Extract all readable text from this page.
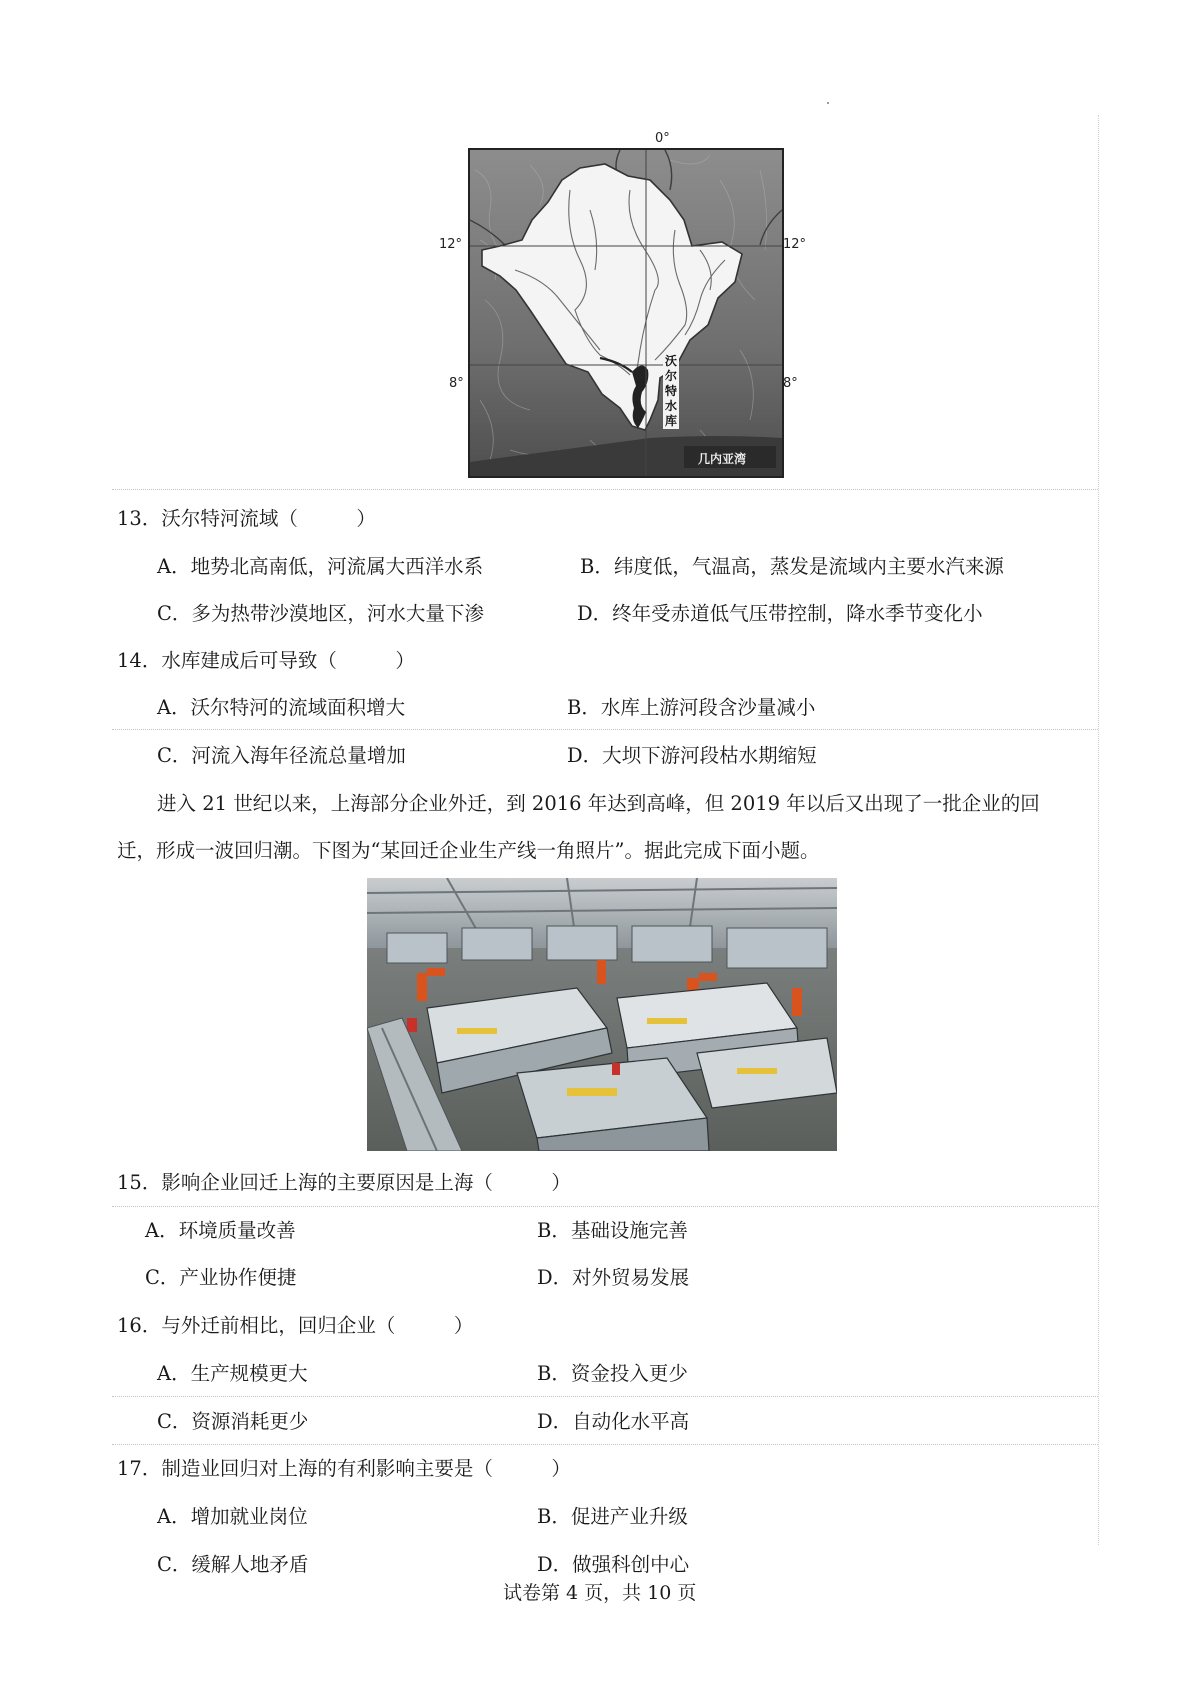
沃尔特水库
几内亚湾
0°
12°	12°
8°	8°
13．沃尔特河流域（　　　）
A．地势北高南低，河流属大西洋水系	B．纬度低，气温高，蒸发是流域内主要水汽来源
C．多为热带沙漠地区，河水大量下渗	D．终年受赤道低气压带控制，降水季节变化小
14．水库建成后可导致（　　　）
A．沃尔特河的流域面积增大	B．水库上游河段含沙量减小
C．河流入海年径流总量增加	D．大坝下游河段枯水期缩短
进入 21 世纪以来，上海部分企业外迁，到 2016 年达到高峰，但 2019 年以后又出现了一批企业的回
迁，形成一波回归潮。下图为“某回迁企业生产线一角照片”。据此完成下面小题。
15．影响企业回迁上海的主要原因是上海（　　　）
A．环境质量改善	B．基础设施完善
C．产业协作便捷	D．对外贸易发展
16．与外迁前相比，回归企业（　　　）
A．生产规模更大	B．资金投入更少
C．资源消耗更少	D．自动化水平高
17．制造业回归对上海的有利影响主要是（　　　）
A．增加就业岗位	B．促进产业升级
C．缓解人地矛盾	D．做强科创中心
试卷第 4 页，共 10 页
